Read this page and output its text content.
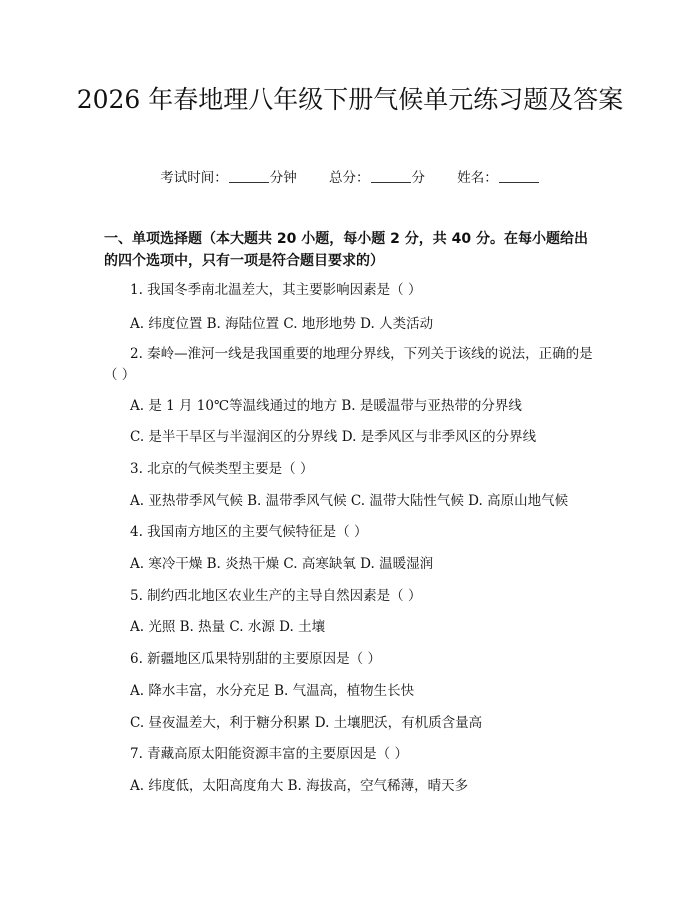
2026 年春地理八年级下册气候单元练习题及答案
考试时间：	分钟 总分：	分 姓名：
一、单项选择题（本大题共 20 小题，每小题 2 分，共 40 分。在每小题给出的四个选项中，只有一项是符合题目要求的）
1. 我国冬季南北温差大，其主要影响因素是（ ）
A. 纬度位置 B. 海陆位置 C. 地形地势 D. 人类活动
2. 秦岭—淮河一线是我国重要的地理分界线，下列关于该线的说法，正确的是（ ）
A. 是 1 月 10℃等温线通过的地方 B. 是暖温带与亚热带的分界线
C. 是半干旱区与半湿润区的分界线 D. 是季风区与非季风区的分界线
3. 北京的气候类型主要是（ ）
A. 亚热带季风气候 B. 温带季风气候 C. 温带大陆性气候 D. 高原山地气候
4. 我国南方地区的主要气候特征是（ ）
A. 寒冷干燥 B. 炎热干燥 C. 高寒缺氧 D. 温暖湿润
5. 制约西北地区农业生产的主导自然因素是（ ）
A. 光照 B. 热量 C. 水源 D. 土壤
6. 新疆地区瓜果特别甜的主要原因是（ ）
A. 降水丰富，水分充足 B. 气温高，植物生长快
C. 昼夜温差大，利于糖分积累 D. 土壤肥沃，有机质含量高
7. 青藏高原太阳能资源丰富的主要原因是（ ）
A. 纬度低，太阳高度角大 B. 海拔高，空气稀薄，晴天多
